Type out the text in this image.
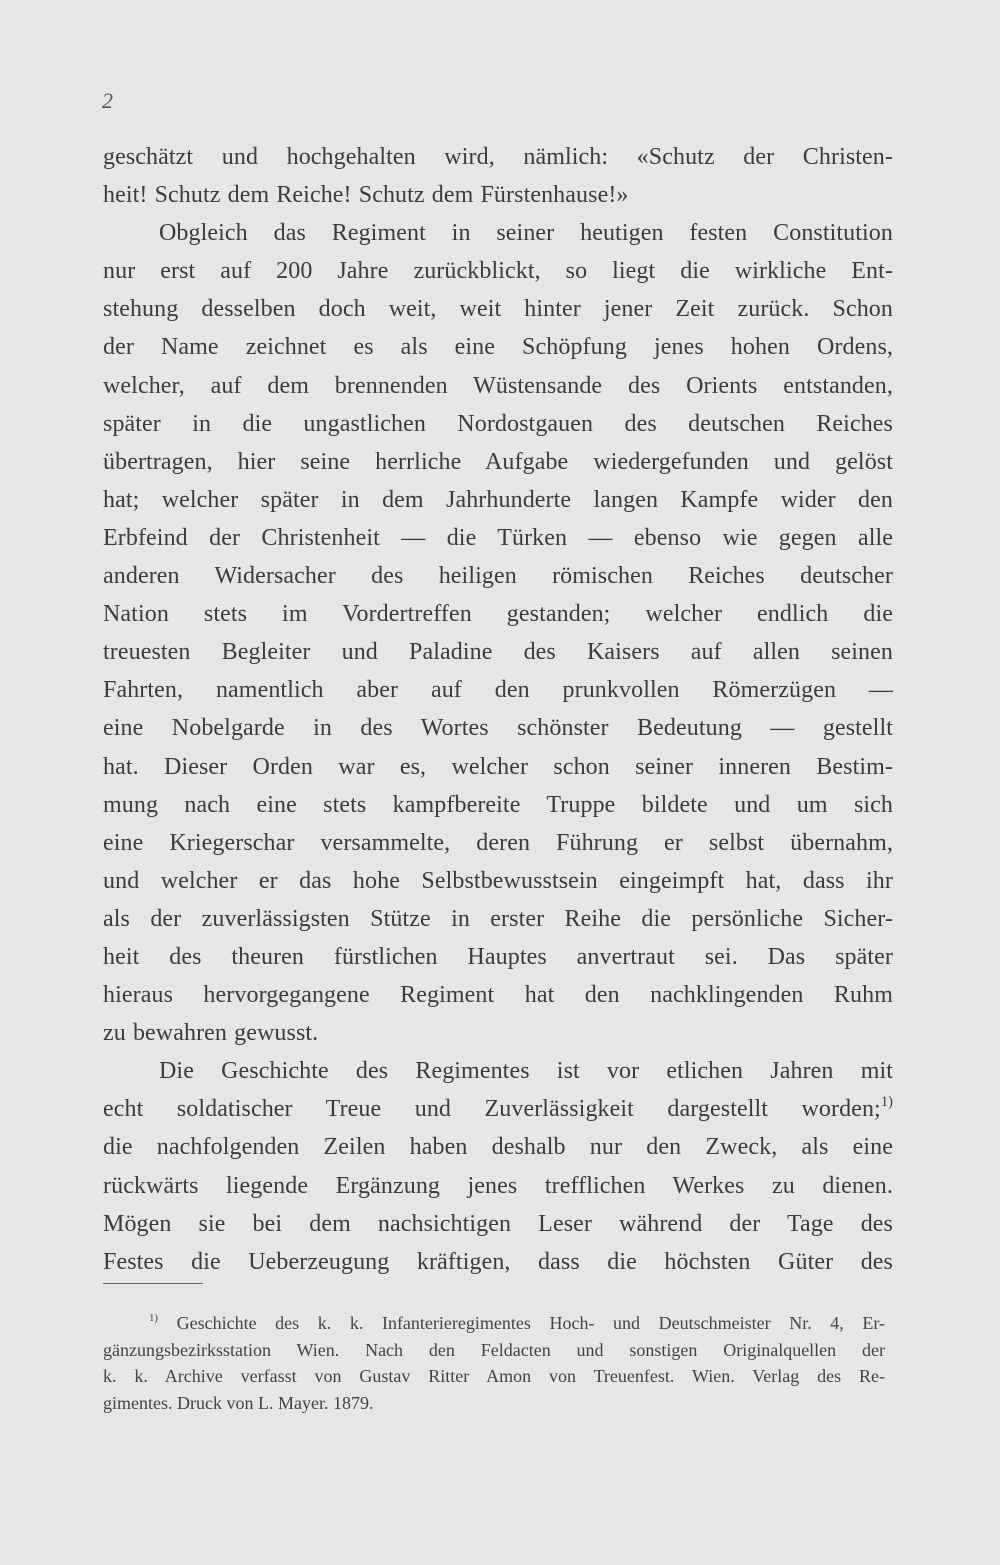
2
geschätzt und hochgehalten wird, nämlich: «Schutz der Christen-
heit! Schutz dem Reiche! Schutz dem Fürstenhause!»
Obgleich das Regiment in seiner heutigen festen Constitution
nur erst auf 200 Jahre zurückblickt, so liegt die wirkliche Ent-
stehung desselben doch weit, weit hinter jener Zeit zurück. Schon
der Name zeichnet es als eine Schöpfung jenes hohen Ordens,
welcher, auf dem brennenden Wüstensande des Orients entstanden,
später in die ungastlichen Nordostgauen des deutschen Reiches
übertragen, hier seine herrliche Aufgabe wiedergefunden und gelöst
hat; welcher später in dem Jahrhunderte langen Kampfe wider den
Erbfeind der Christenheit — die Türken — ebenso wie gegen alle
anderen Widersacher des heiligen römischen Reiches deutscher
Nation stets im Vordertreffen gestanden; welcher endlich die
treuesten Begleiter und Paladine des Kaisers auf allen seinen
Fahrten, namentlich aber auf den prunkvollen Römerzügen —
eine Nobelgarde in des Wortes schönster Bedeutung — gestellt
hat. Dieser Orden war es, welcher schon seiner inneren Bestim-
mung nach eine stets kampfbereite Truppe bildete und um sich
eine Kriegerschar versammelte, deren Führung er selbst übernahm,
und welcher er das hohe Selbstbewusstsein eingeimpft hat, dass ihr
als der zuverlässigsten Stütze in erster Reihe die persönliche Sicher-
heit des theuren fürstlichen Hauptes anvertraut sei. Das später
hieraus hervorgegangene Regiment hat den nachklingenden Ruhm
zu bewahren gewusst.
Die Geschichte des Regimentes ist vor etlichen Jahren mit
echt soldatischer Treue und Zuverlässigkeit dargestellt worden;$^{1)}$
die nachfolgenden Zeilen haben deshalb nur den Zweck, als eine
rückwärts liegende Ergänzung jenes trefflichen Werkes zu dienen.
Mögen sie bei dem nachsichtigen Leser während der Tage des
Festes die Ueberzeugung kräftigen, dass die höchsten Güter des
$^{1)}$ Geschichte des k. k. Infanterieregimentes Hoch- und Deutschmeister Nr. 4, Er-
gänzungsbezirksstation Wien. Nach den Feldacten und sonstigen Originalquellen der
k. k. Archive verfasst von Gustav Ritter Amon von Treuenfest. Wien. Verlag des Re-
gimentes. Druck von L. Mayer. 1879.
